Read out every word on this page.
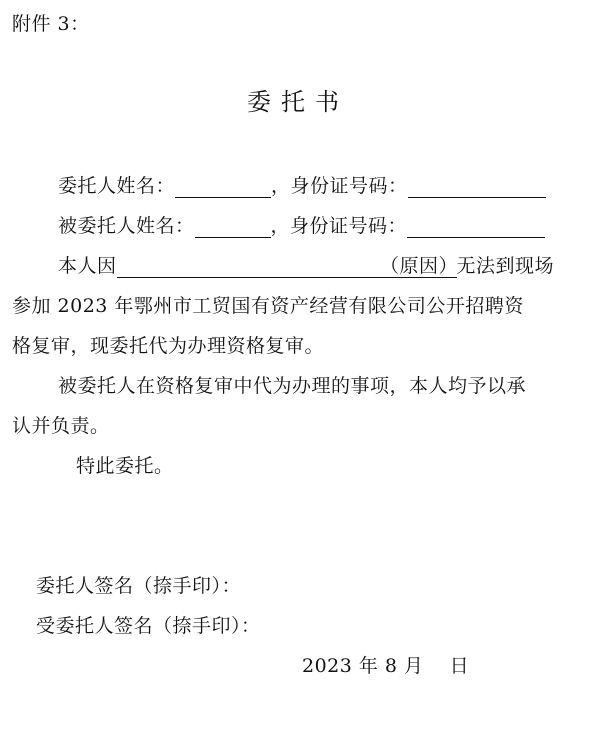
附件 3：
委托书
委托人姓名：	，身份证号码：
被委托人姓名：	，身份证号码：
本人因	无法到现场
（原因）
参加 2023 年鄂州市工贸国有资产经营有限公司公开招聘资
格复审，现委托代为办理资格复审。
被委托人在资格复审中代为办理的事项，本人均予以承
认并负责。
特此委托。
委托人签名（捺手印）：
受委托人签名（捺手印）：
2023 年 8 月　 日
